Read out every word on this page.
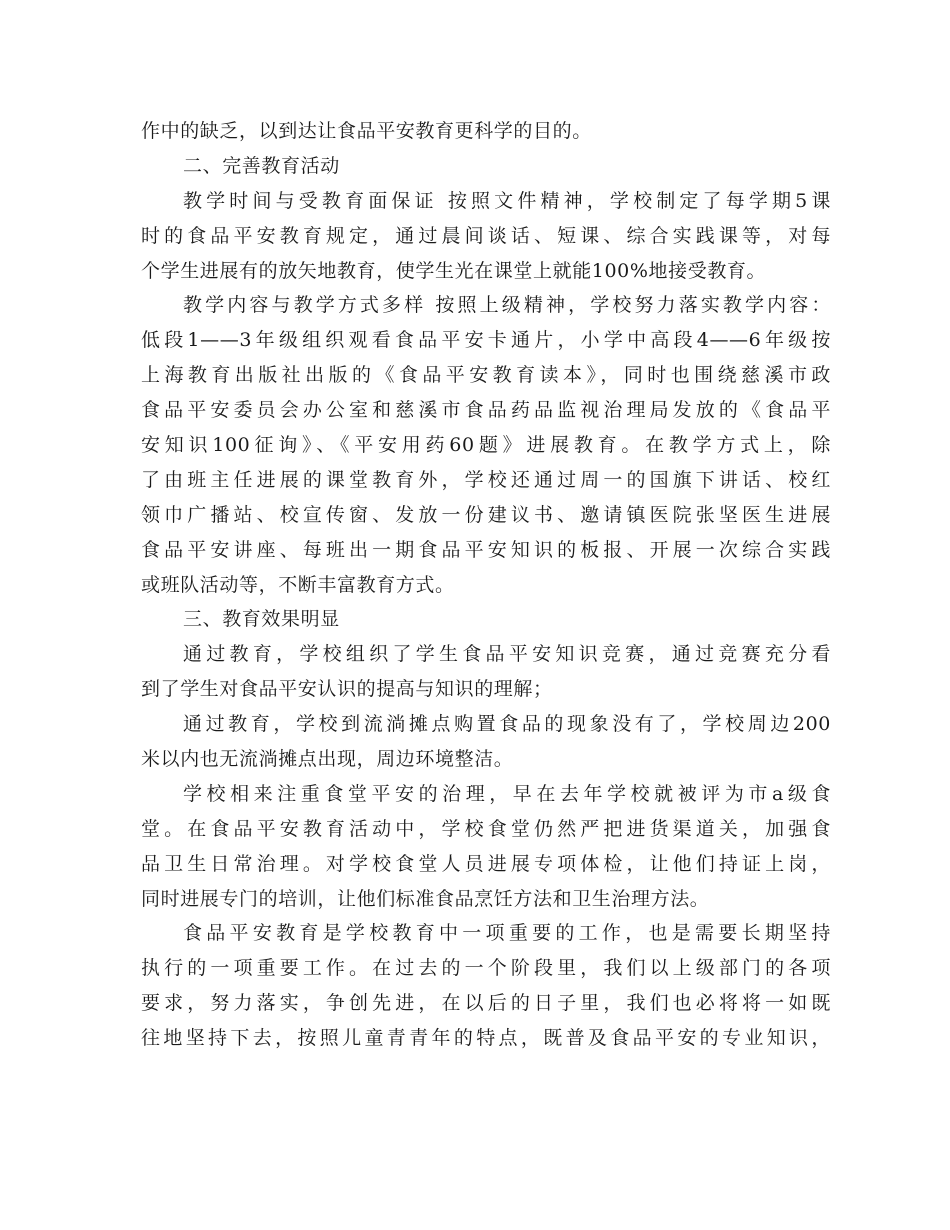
作中的缺乏，以到达让食品平安教育更科学的目的。
二、完善教育活动
教学时间与受教育面保证 按照文件精神，学校制定了每学期5课
时的食品平安教育规定，通过晨间谈话、短课、综合实践课等，对每
个学生进展有的放矢地教育，使学生光在课堂上就能100%地接受教育。
教学内容与教学方式多样 按照上级精神，学校努力落实教学内容：
低段1——3年级组织观看食品平安卡通片，小学中高段4——6年级按
上海教育出版社出版的《食品平安教育读本》，同时也围绕慈溪市政
食品平安委员会办公室和慈溪市食品药品监视治理局发放的《食品平
安知识100征询》、《平安用药60题》进展教育。在教学方式上，除
了由班主任进展的课堂教育外，学校还通过周一的国旗下讲话、校红
领巾广播站、校宣传窗、发放一份建议书、邀请镇医院张坚医生进展
食品平安讲座、每班出一期食品平安知识的板报、开展一次综合实践
或班队活动等，不断丰富教育方式。
三、教育效果明显
通过教育，学校组织了学生食品平安知识竞赛，通过竞赛充分看
到了学生对食品平安认识的提高与知识的理解；
通过教育，学校到流淌摊点购置食品的现象没有了，学校周边200
米以内也无流淌摊点出现，周边环境整洁。
学校相来注重食堂平安的治理，早在去年学校就被评为市a级食
堂。在食品平安教育活动中，学校食堂仍然严把进货渠道关，加强食
品卫生日常治理。对学校食堂人员进展专项体检，让他们持证上岗，
同时进展专门的培训，让他们标准食品烹饪方法和卫生治理方法。
食品平安教育是学校教育中一项重要的工作，也是需要长期坚持
执行的一项重要工作。在过去的一个阶段里，我们以上级部门的各项
要求，努力落实，争创先进，在以后的日子里，我们也必将将一如既
往地坚持下去，按照儿童青青年的特点，既普及食品平安的专业知识，
